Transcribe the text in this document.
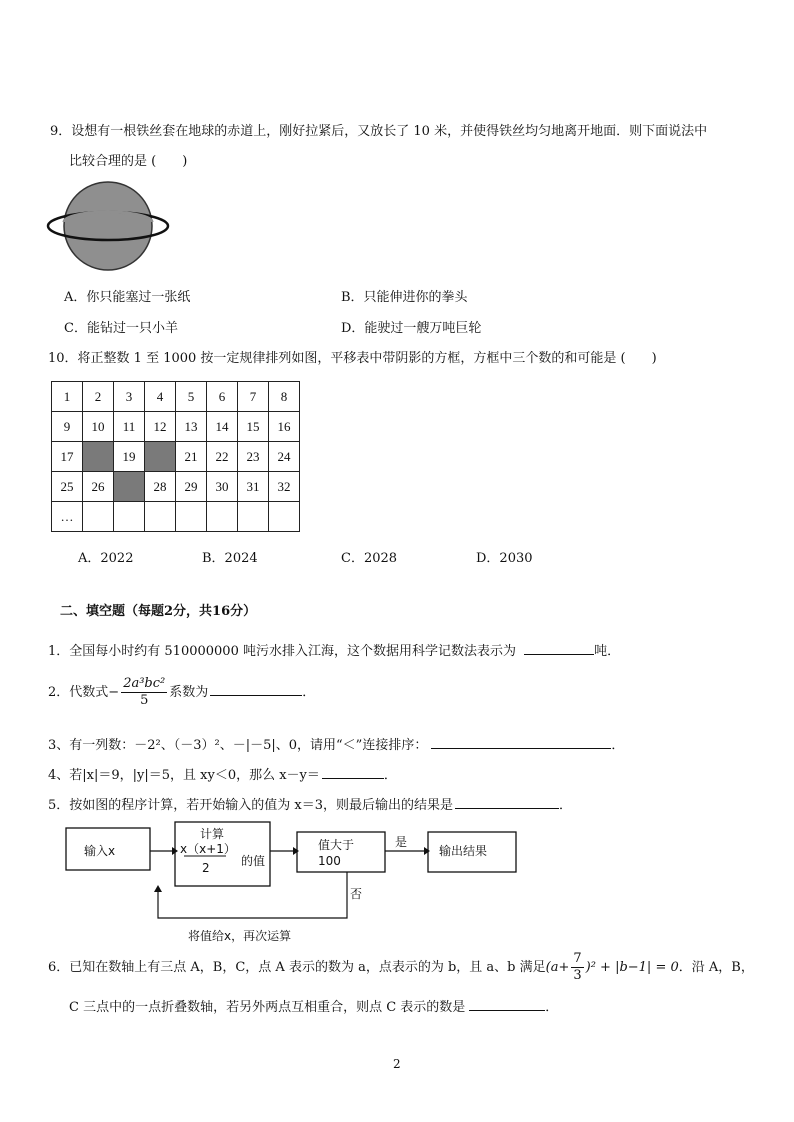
9．设想有一根铁丝套在地球的赤道上，刚好拉紧后，又放长了 10 米，并使得铁丝均匀地离开地面．则下面说法中
比较合理的是 (　　)
A．你只能塞过一张纸	B．只能伸进你的拳头
C．能钻过一只小羊	D．能驶过一艘万吨巨轮
10．将正整数 1 至 1000 按一定规律排列如图，平移表中带阴影的方框，方框中三个数的和可能是 (　　)
1	2	3	4	5	6	7	8
9	10	11	12	13	14	15	16
17		19		21	22	23	24
25	26		28	29	30	31	32
…							
A．2022	B．2024	C．2028	D．2030
二、填空题（每题2分，共16分）
1．全国每小时约有 510000000 吨污水排入江海，这个数据用科学记数法表示为	吨．
2．代数式− $\frac{\text{2a³bc²}}{5}$ 系数为	．
3、有一列数：－2²、（－3）²、－|－5|、0，请用“＜”连接排序：	．
4、若|x|＝9，|y|＝5，且 xy＜0，那么 x－y＝	．
5．按如图的程序计算，若开始输入的值为 x＝3，则最后输出的结果是	．
输入x
计算
x（x+1）
2	的值
值大于
100
是
输出结果
否
将值给x，再次运算
6．已知在数轴上有三点 A，B，C，点 A 表示的数为 a，点表示的为 b，且 a、b 满足$(a+ \frac{7}{3} )^2 + |b-1| = 0$．沿 A，B，
C 三点中的一点折叠数轴，若另外两点互相重合，则点 C 表示的数是	．
2
